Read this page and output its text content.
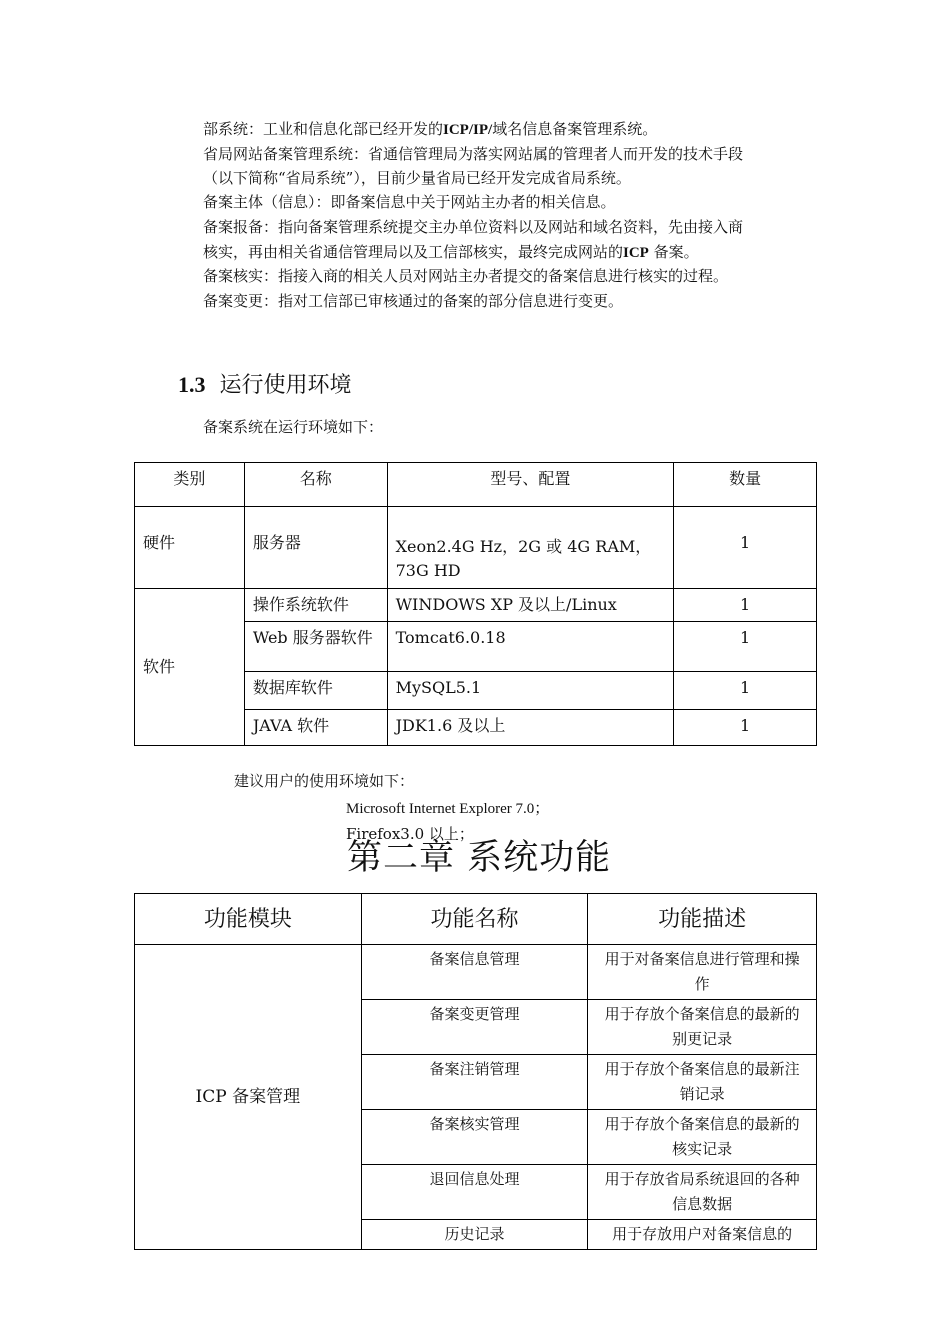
部系统：工业和信息化部已经开发的ICP/IP/域名信息备案管理系统。
省局网站备案管理系统：省通信管理局为落实网站属的管理者人而开发的技术手段
（以下简称“省局系统”），目前少量省局已经开发完成省局系统。
备案主体（信息）：即备案信息中关于网站主办者的相关信息。
备案报备：指向备案管理系统提交主办单位资料以及网站和域名资料，先由接入商
核实，再由相关省通信管理局以及工信部核实，最终完成网站的ICP 备案。
备案核实：指接入商的相关人员对网站主办者提交的备案信息进行核实的过程。
备案变更：指对工信部已审核通过的备案的部分信息进行变更。
1.3 运行使用环境
备案系统在运行环境如下：
类别	名称	型号、配置	数量
硬件	服务器	Xeon2.4G Hz，2G 或 4G RAM，73G HD	1
软件	操作系统软件	WINDOWS XP 及以上/Linux	1
	Web 服务器软件	Tomcat6.0.18	1
	数据库软件	MySQL5.1	1
	JAVA 软件	JDK1.6 及以上	1
建议用户的使用环境如下：
Microsoft Internet Explorer 7.0；
Firefox3.0 以上；
第二章 系统功能
功能模块	功能名称	功能描述
ICP 备案管理	备案信息管理	用于对备案信息进行管理和操作
	备案变更管理	用于存放个备案信息的最新的别更记录
	备案注销管理	用于存放个备案信息的最新注销记录
	备案核实管理	用于存放个备案信息的最新的核实记录
	退回信息处理	用于存放省局系统退回的各种信息数据
	历史记录	用于存放用户对备案信息的
